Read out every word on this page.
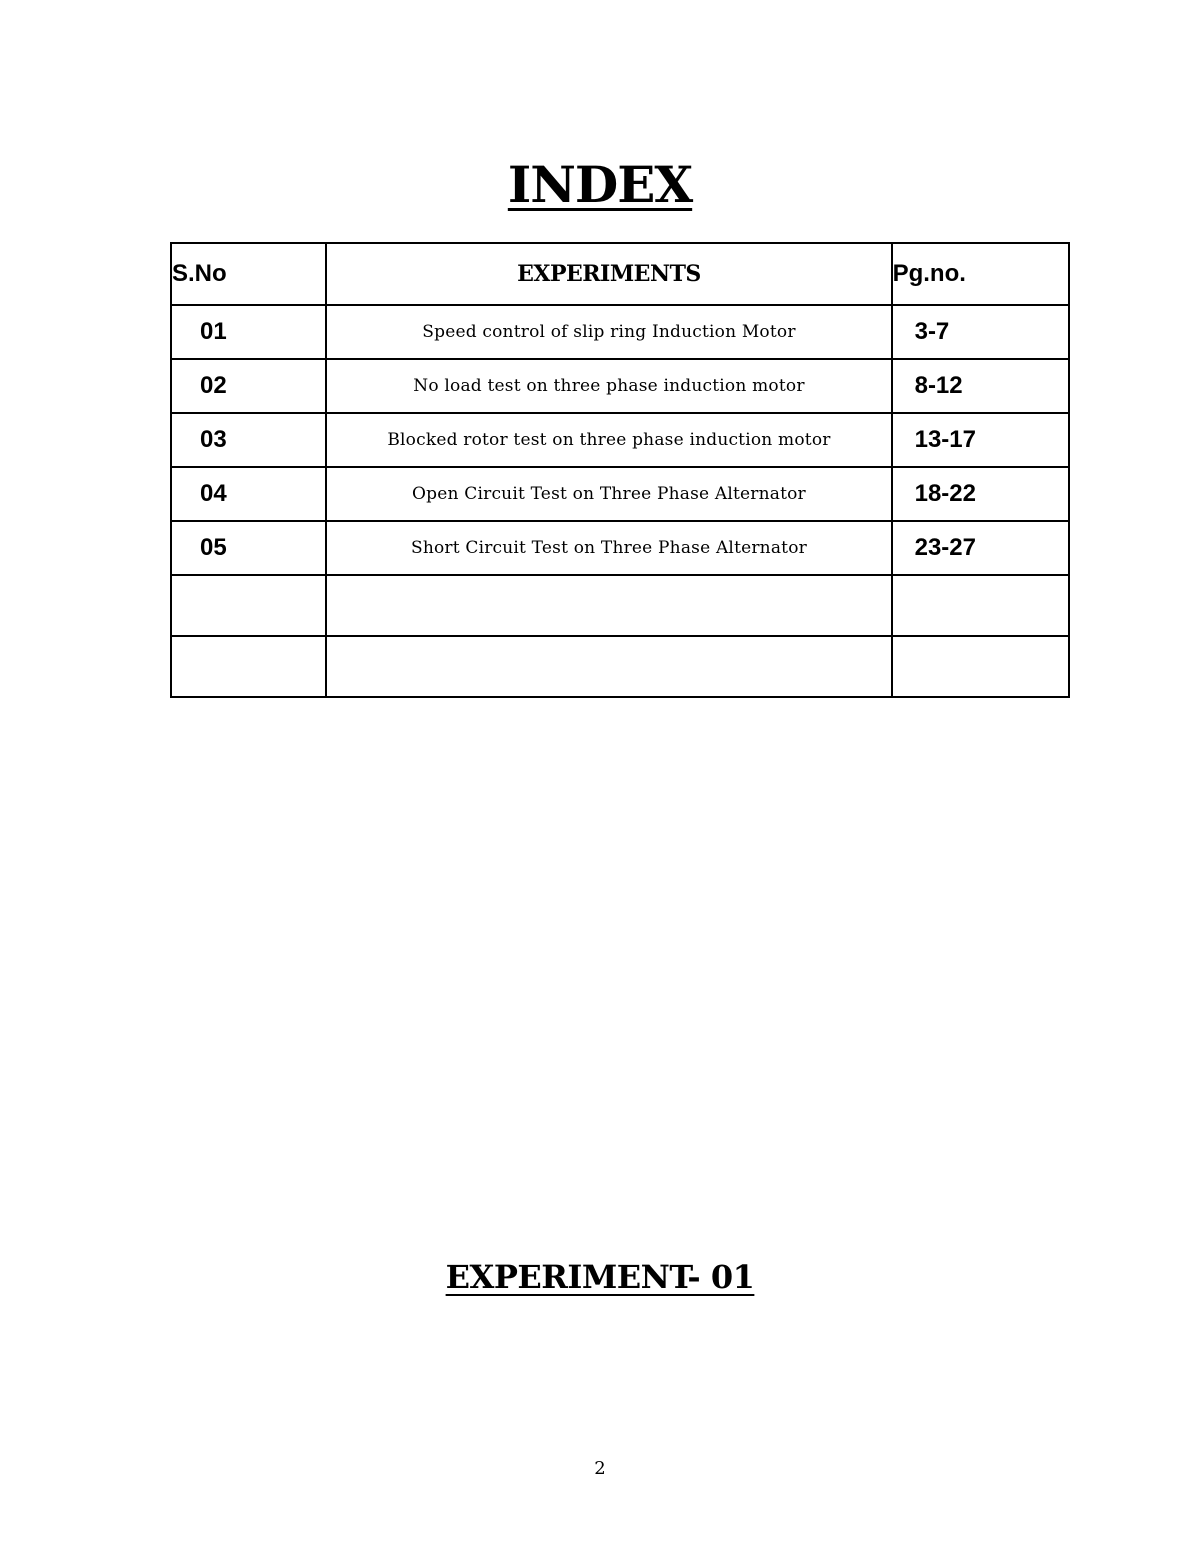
INDEX
S.No	EXPERIMENTS	Pg.no.
01	Speed control of slip ring Induction Motor	3-7
02	No load test on three phase induction motor	8-12
03	Blocked rotor test on three phase induction motor	13-17
04	Open Circuit Test on Three Phase Alternator	18-22
05	Short Circuit Test on Three Phase Alternator	23-27

EXPERIMENT- 01
2
